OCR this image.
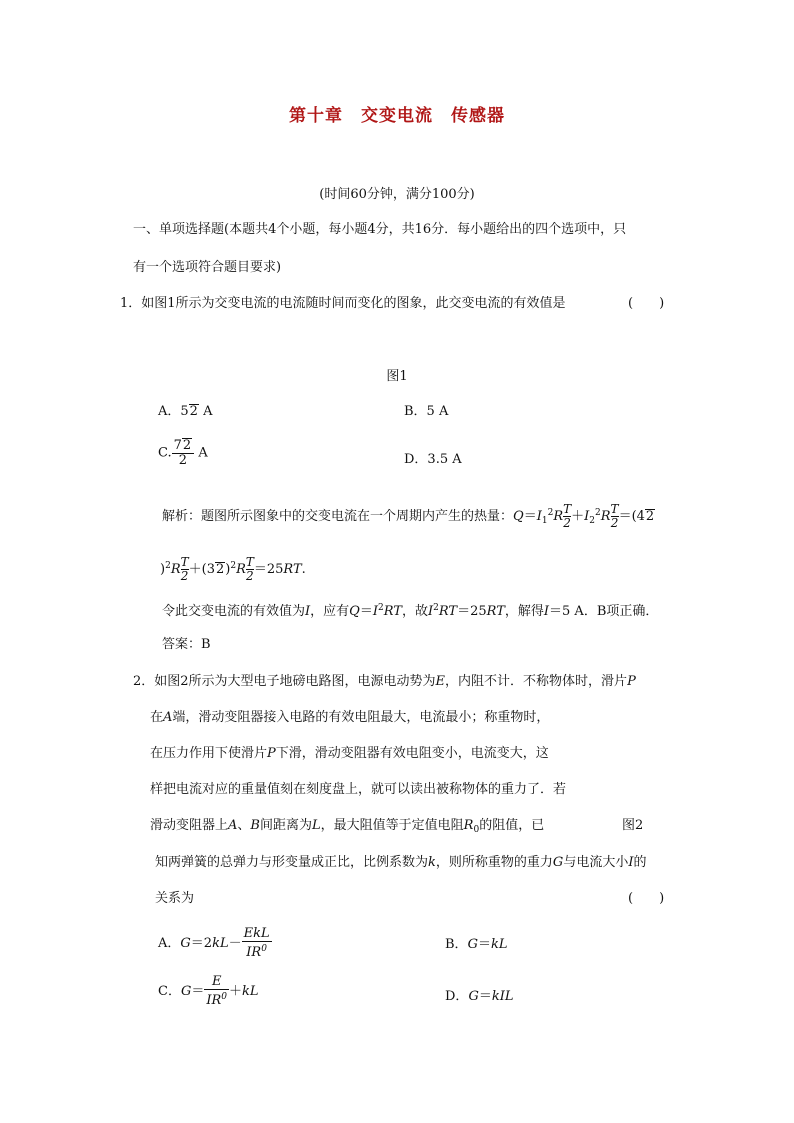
第十章　交变电流　传感器
(时间60分钟，满分100分)
一、单项选择题(本题共4个小题，每小题4分，共16分．每小题给出的四个选项中，只
有一个选项符合题目要求)
1．如图1所示为交变电流的电流随时间而变化的图象，此交变电流的有效值是	(　　)
图1
A．52 A	B．5 A
C. $\frac{72}{2}$ A	D．3.5 A
解析：题图所示图象中的交变电流在一个周期内产生的热量：$Q=I_1^2R \frac{T}{2} +I_2^2R \frac{T}{2} =(42$
)$^2R \frac{T}{2} +(32)^2R \frac{T}{2} =25RT$.
令此交变电流的有效值为I，应有$Q=I^2RT$，故$I^2RT=25RT$，解得I＝5 A．B项正确．
答案：B
2．如图2所示为大型电子地磅电路图，电源电动势为E，内阻不计．不称物体时，滑片P
在A端，滑动变阻器接入电路的有效电阻最大，电流最小；称重物时，
在压力作用下使滑片P下滑，滑动变阻器有效电阻变小，电流变大，这
样把电流对应的重量值刻在刻度盘上，就可以读出被称物体的重力了．若
滑动变阻器上A、B间距离为L，最大阻值等于定值电阻$R_0$的阻值，已	图2
知两弹簧的总弹力与形变量成正比，比例系数为k，则所称重物的重力G与电流大小I的
关系为	(　　)
A．$G=2kL- \frac{\text{EkL}}{IR^0}$	B．G＝kL
C．$G= \frac{E}{IR^0} +kL$	D．G＝kIL
